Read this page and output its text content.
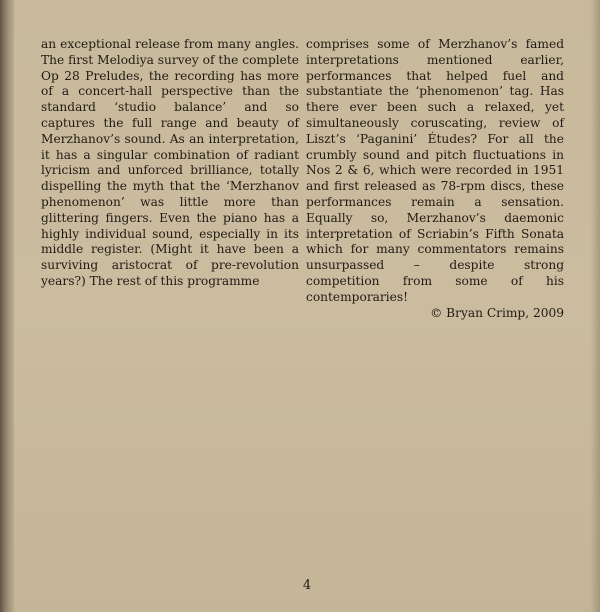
an exceptional release from many angles. The first Melodiya survey of the complete Op 28 Preludes, the recording has more of a concert-hall perspective than the standard ‘studio balance’ and so captures the full range and beauty of Merzhanov’s sound. As an interpretation, it has a singular combination of radiant lyricism and unforced brilliance, totally dispelling the myth that the ‘Merzhanov phenomenon’ was little more than glittering fingers. Even the piano has a highly individual sound, especially in its middle register. (Might it have been a surviving aristocrat of pre-revolution years?) The rest of this programme

comprises some of Merzhanov’s famed interpretations mentioned earlier, performances that helped fuel and substantiate the ‘phenomenon’ tag. Has there ever been such a relaxed, yet simultaneously coruscating, review of Liszt’s ‘Paganini’ Études? For all the crumbly sound and pitch fluctuations in Nos 2 & 6, which were recorded in 1951 and first released as 78-rpm discs, these performances remain a sensation. Equally so, Merzhanov’s daemonic interpretation of Scriabin’s Fifth Sonata which for many commentators remains unsurpassed – despite strong competition from some of his contemporaries!

© Bryan Crimp, 2009

4
